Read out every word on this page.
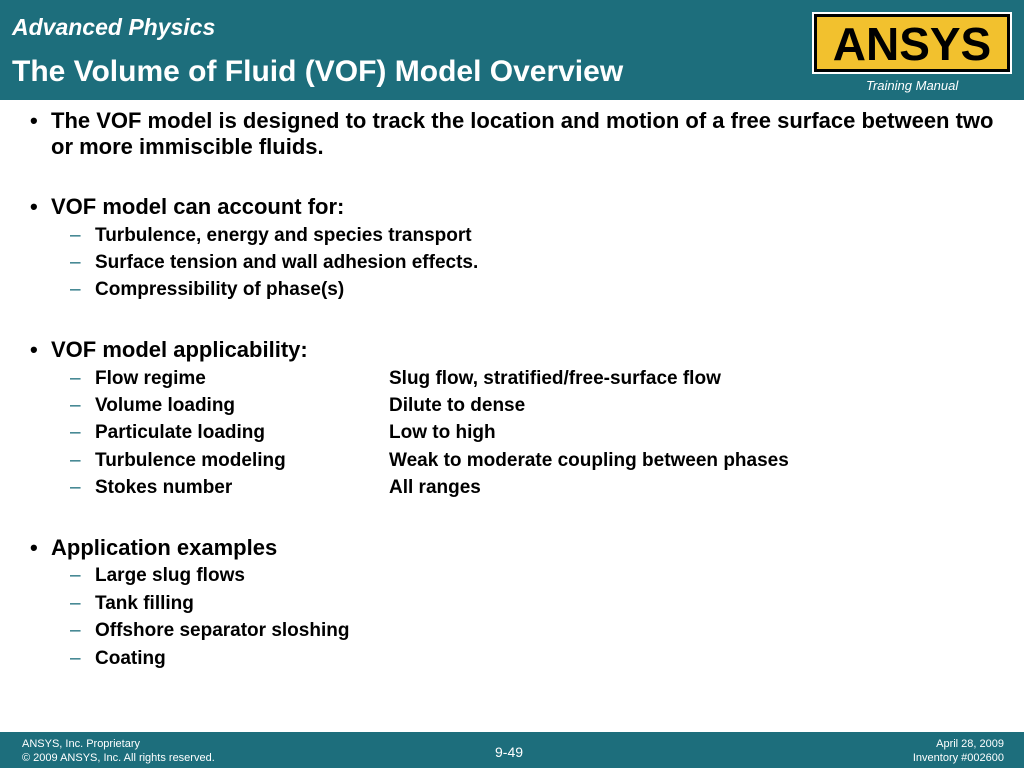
Advanced Physics
The Volume of Fluid (VOF) Model Overview
ANSYS
Training Manual
• The VOF model is designed to track the location and motion of a free surface between two or more immiscible fluids.
• VOF model can account for:
– Turbulence, energy and species transport
– Surface tension and wall adhesion effects.
– Compressibility of phase(s)
• VOF model applicability:
– Flow regime	Slug flow, stratified/free-surface flow
– Volume loading	Dilute to dense
– Particulate loading	Low to high
– Turbulence modeling	Weak to moderate coupling between phases
– Stokes number	All ranges
• Application examples
– Large slug flows
– Tank filling
– Offshore separator sloshing
– Coating
ANSYS, Inc. Proprietary
© 2009 ANSYS, Inc. All rights reserved.	9-49	April 28, 2009
Inventory #002600
